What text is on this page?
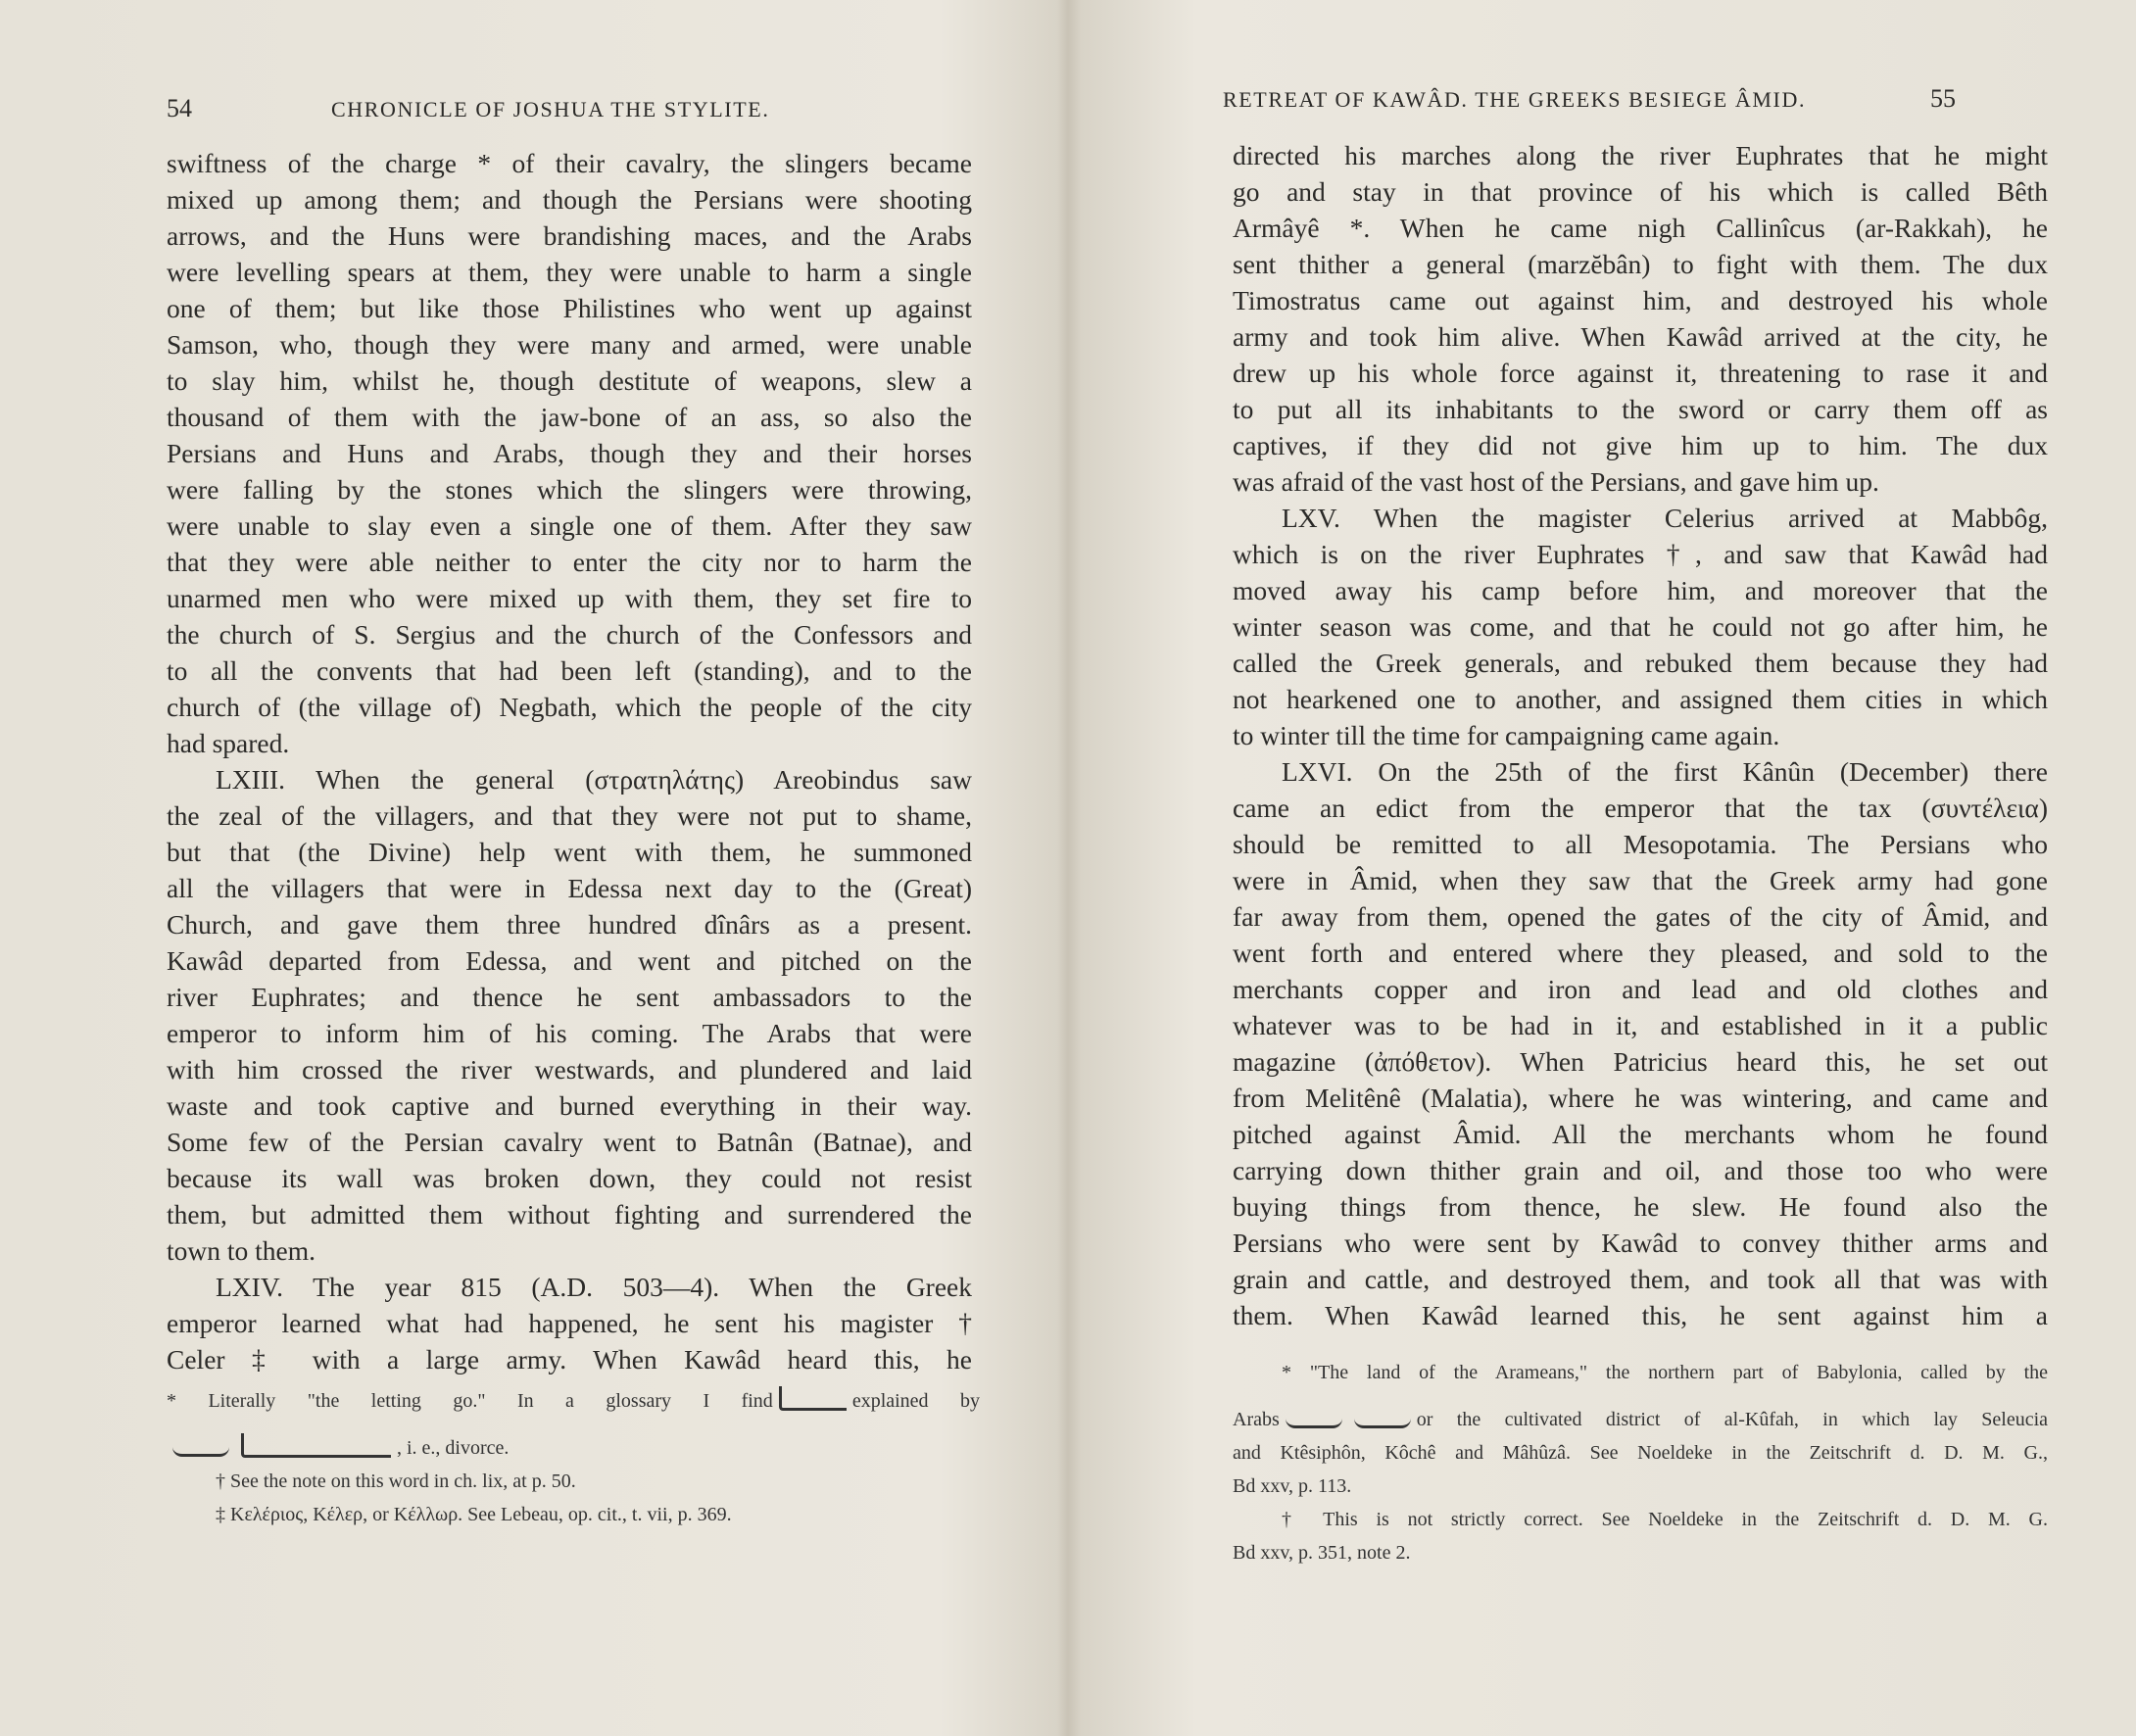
54	CHRONICLE OF JOSHUA THE STYLITE.
swiftness of the charge * of their cavalry, the slingers became
mixed up among them; and though the Persians were shooting
arrows, and the Huns were brandishing maces, and the Arabs
were levelling spears at them, they were unable to harm a single
one of them; but like those Philistines who went up against
Samson, who, though they were many and armed, were unable
to slay him, whilst he, though destitute of weapons, slew a
thousand of them with the jaw-bone of an ass, so also the
Persians and Huns and Arabs, though they and their horses
were falling by the stones which the slingers were throwing,
were unable to slay even a single one of them. After they saw
that they were able neither to enter the city nor to harm the
unarmed men who were mixed up with them, they set fire to
the church of S. Sergius and the church of the Confessors and
to all the convents that had been left (standing), and to the
church of (the village of) Negbath, which the people of the city
had spared.
LXIII. When the general (στρατηλάτης) Areobindus saw
the zeal of the villagers, and that they were not put to shame,
but that (the Divine) help went with them, he summoned
all the villagers that were in Edessa next day to the (Great)
Church, and gave them three hundred dînârs as a present.
Kawâd departed from Edessa, and went and pitched on the
river Euphrates; and thence he sent ambassadors to the
emperor to inform him of his coming. The Arabs that were
with him crossed the river westwards, and plundered and laid
waste and took captive and burned everything in their way.
Some few of the Persian cavalry went to Batnân (Batnae), and
because its wall was broken down, they could not resist
them, but admitted them without fighting and surrendered the
town to them.
LXIV. The year 815 (A.D. 503—4). When the Greek
emperor learned what had happened, he sent his magister †
Celer ‡ with a large army. When Kawâd heard this, he
* Literally "the letting go." In a glossary I find	explained by
, i. e., divorce.
† See the note on this word in ch. lix, at p. 50.
‡ Κελέριος, Κέλερ, or Κέλλωρ. See Lebeau, op. cit., t. vii, p. 369.
RETREAT OF KAWÂD. THE GREEKS BESIEGE ÂMID.	55
directed his marches along the river Euphrates that he might
go and stay in that province of his which is called Bêth
Armâyê *. When he came nigh Callinîcus (ar-Rakkah), he
sent thither a general (marzĕbân) to fight with them. The dux
Timostratus came out against him, and destroyed his whole
army and took him alive. When Kawâd arrived at the city, he
drew up his whole force against it, threatening to rase it and
to put all its inhabitants to the sword or carry them off as
captives, if they did not give him up to him. The dux
was afraid of the vast host of the Persians, and gave him up.
LXV. When the magister Celerius arrived at Mabbôg,
which is on the river Euphrates †, and saw that Kawâd had
moved away his camp before him, and moreover that the
winter season was come, and that he could not go after him, he
called the Greek generals, and rebuked them because they had
not hearkened one to another, and assigned them cities in which
to winter till the time for campaigning came again.
LXVI. On the 25th of the first Kânûn (December) there
came an edict from the emperor that the tax (συντέλεια)
should be remitted to all Mesopotamia. The Persians who
were in Âmid, when they saw that the Greek army had gone
far away from them, opened the gates of the city of Âmid, and
went forth and entered where they pleased, and sold to the
merchants copper and iron and lead and old clothes and
whatever was to be had in it, and established in it a public
magazine (ἀπόθετον). When Patricius heard this, he set out
from Melitênê (Malatia), where he was wintering, and came and
pitched against Âmid. All the merchants whom he found
carrying down thither grain and oil, and those too who were
buying things from thence, he slew. He found also the
Persians who were sent by Kawâd to convey thither arms and
grain and cattle, and destroyed them, and took all that was with
them. When Kawâd learned this, he sent against him a
* "The land of the Arameans," the northern part of Babylonia, called by the
Arabs	or the cultivated district of al-Kûfah, in which lay Seleucia
and Ktêsiphôn, Kôchê and Mâhûzâ. See Noeldeke in the Zeitschrift d. D. M. G.,
Bd xxv, p. 113.
† This is not strictly correct. See Noeldeke in the Zeitschrift d. D. M. G.
Bd xxv, p. 351, note 2.
